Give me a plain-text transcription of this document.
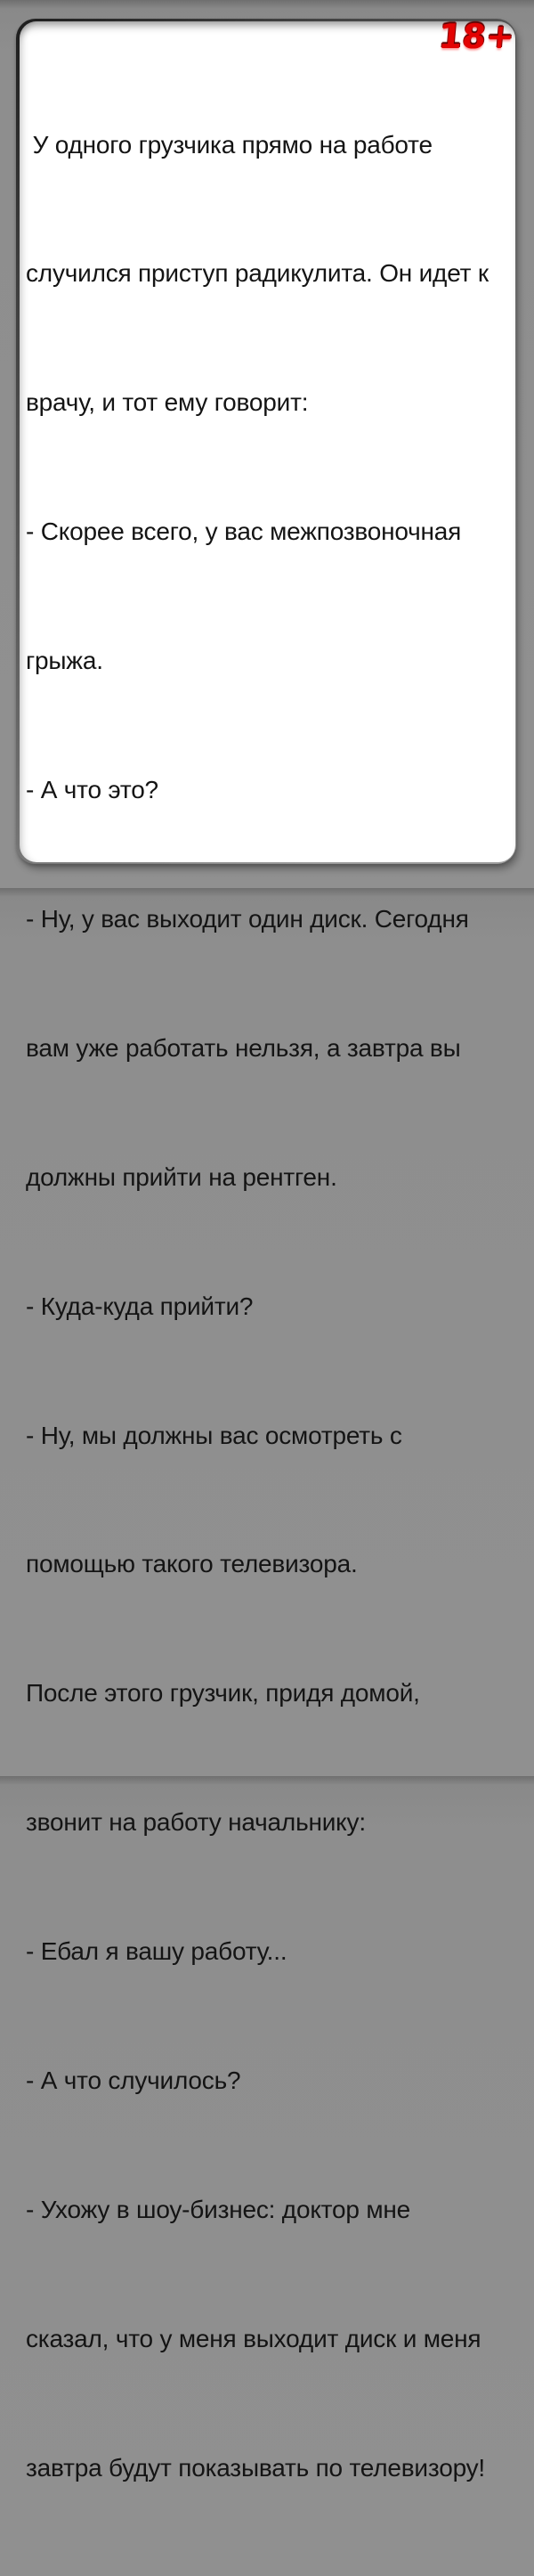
У одного грузчика прямо на работе

случился приступ радикулита. Он идет к

врачу, и тот ему говорит:

- Скорее всего, у вас межпозвоночная

грыжа.

- А что это?

- Ну, у вас выходит один диск. Сегодня

вам уже работать нельзя, а завтра вы

должны прийти на рентген.

- Куда-куда прийти?

- Ну, мы должны вас осмотреть с

помощью такого телевизора.

После этого грузчик, придя домой,

звонит на работу начальнику:

- Ебал я вашу работу...

- А что случилось?

- Ухожу в шоу-бизнес: доктор мне

сказал, что у меня выходит диск и меня

завтра будут показывать по телевизору!

18+
